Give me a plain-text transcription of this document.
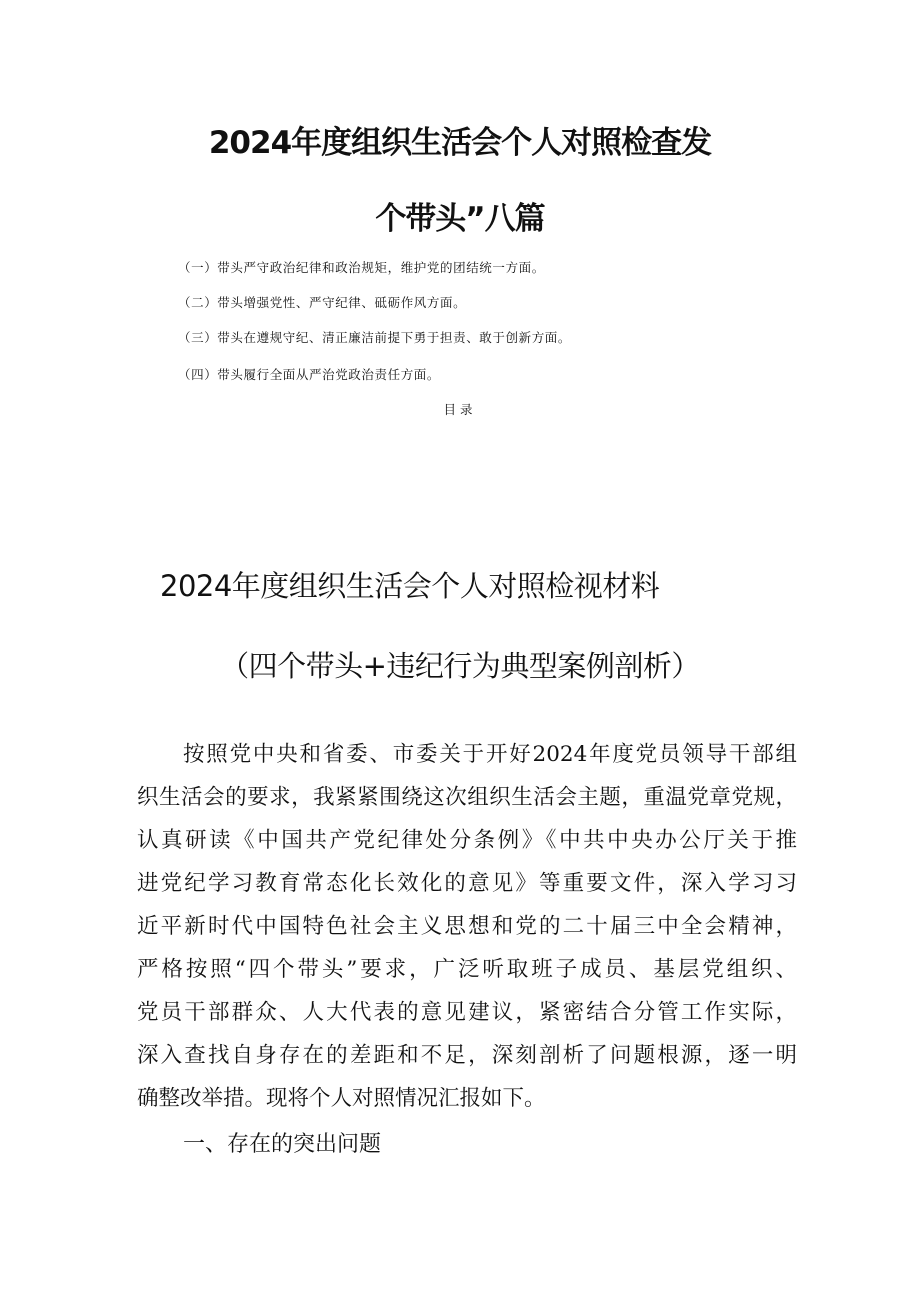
2024年度组织生活会个人对照检查发
个带头”八篇
（一）带头严守政治纪律和政治规矩，维护党的团结统一方面。
（二）带头增强党性、严守纪律、砥砺作风方面。
（三）带头在遵规守纪、清正廉洁前提下勇于担责、敢于创新方面。
（四）带头履行全面从严治党政治责任方面。
目录
2024年度组织生活会个人对照检视材料
（四个带头+违纪行为典型案例剖析）
按照党中央和省委、市委关于开好2024年度党员领导干部组
织生活会的要求，我紧紧围绕这次组织生活会主题，重温党章党规，
认真研读《中国共产党纪律处分条例》《中共中央办公厅关于推
进党纪学习教育常态化长效化的意见》等重要文件，深入学习习
近平新时代中国特色社会主义思想和党的二十届三中全会精神，
严格按照“四个带头”要求，广泛听取班子成员、基层党组织、
党员干部群众、人大代表的意见建议，紧密结合分管工作实际，
深入查找自身存在的差距和不足，深刻剖析了问题根源，逐一明
确整改举措。现将个人对照情况汇报如下。
一、存在的突出问题
